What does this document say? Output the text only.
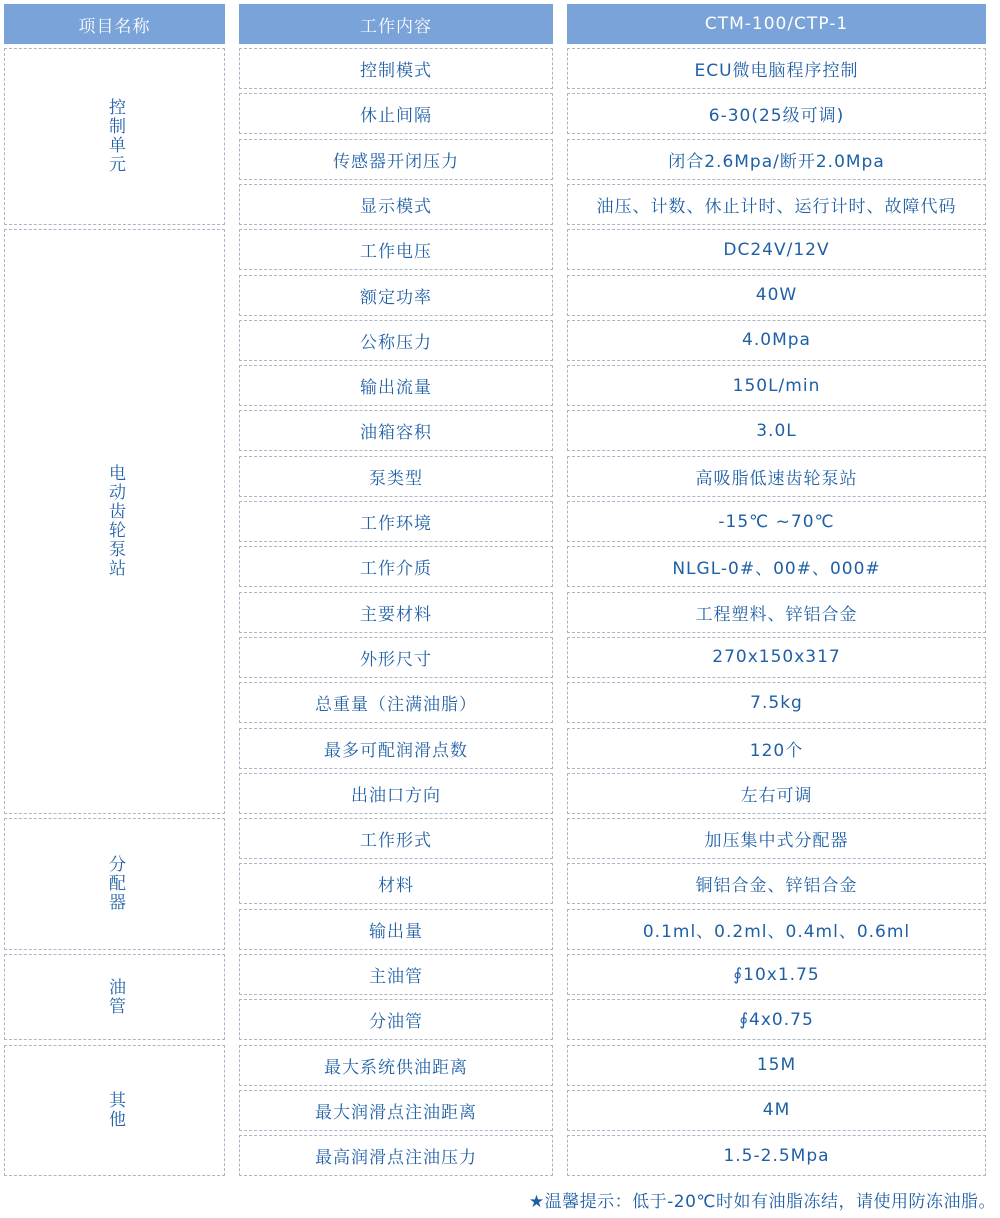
项目名称	工作内容	CTM-100/CTP-1
控制单元
控制模式	ECU微电脑程序控制
休止间隔	6-30(25级可调)
传感器开闭压力	闭合2.6Mpa/断开2.0Mpa
显示模式	油压、计数、休止计时、运行计时、故障代码
电动齿轮泵站
工作电压	DC24V/12V
额定功率	40W
公称压力	4.0Mpa
输出流量	150L/min
油箱容积	3.0L
泵类型	高吸脂低速齿轮泵站
工作环境	-15℃ ~70℃
工作介质	NLGL-0#、00#、000#
主要材料	工程塑料、锌铝合金
外形尺寸	270x150x317
总重量（注满油脂）	7.5kg
最多可配润滑点数	120个
出油口方向	左右可调
分配器
工作形式	加压集中式分配器
材料	铜铝合金、锌铝合金
输出量	0.1ml、0.2ml、0.4ml、0.6ml
油管
主油管	∮10x1.75
分油管	∮4x0.75
其他
最大系统供油距离	15M
最大润滑点注油距离	4M
最高润滑点注油压力	1.5-2.5Mpa
★温馨提示：低于-20℃时如有油脂冻结，请使用防冻油脂。
